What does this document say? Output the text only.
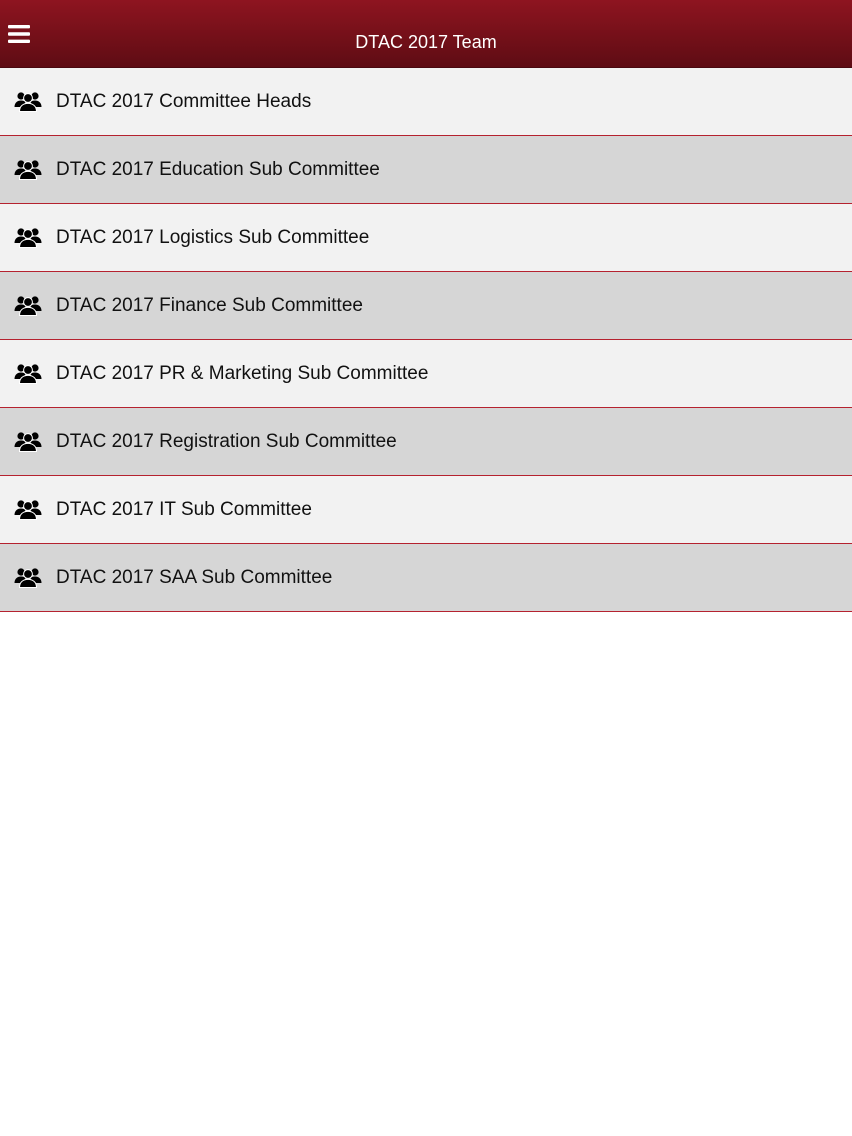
DTAC 2017 Team
DTAC 2017 Committee Heads
DTAC 2017 Education Sub Committee
DTAC 2017 Logistics Sub Committee
DTAC 2017 Finance Sub Committee
DTAC 2017 PR & Marketing Sub Committee
DTAC 2017 Registration Sub Committee
DTAC 2017 IT Sub Committee
DTAC 2017 SAA Sub Committee
